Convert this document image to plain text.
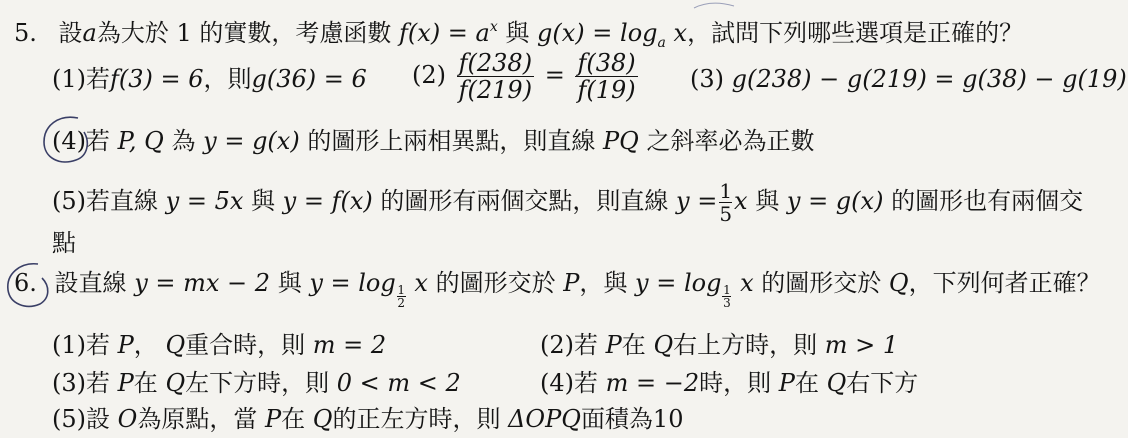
5. 設a為大於 1 的實數，考慮函數 $f(x) = a^x$ 與 $g(x) = \log_a x$，試問下列哪些選項是正確的？
(1)若f(3) = 6，則g(36) = 6 $(2) \frac{f(238)}{f(219)} = \frac{f(38)}{f(19)} (3) g(238) - g(219) = g(38) - g(19)$
(4)若 P, Q 為 y = g(x) 的圖形上兩相異點，則直線 PQ 之斜率必為正數
(5)若直線 y = 5x 與 y = f(x) 的圖形有兩個交點，則直線 $y = \frac{1}{5}$ x 與 y = g(x) 的圖形也有兩個交
點
6. 設直線 y = mx − 2 與 $y = \log \frac{1}{2}$ x 的圖形交於 P，與 $y = \log \frac{1}{3}$ x 的圖形交於 Q，下列何者正確？
(1)若 P， Q重合時，則 m = 2	(2)若 P在 Q右上方時，則 m > 1
(3)若 P在 Q左下方時，則 0 < m < 2	(4)若 m = −2時，則 P在 Q右下方
(5)設 O為原點，當 P在 Q的正左方時，則 ΔOPQ面積為10
